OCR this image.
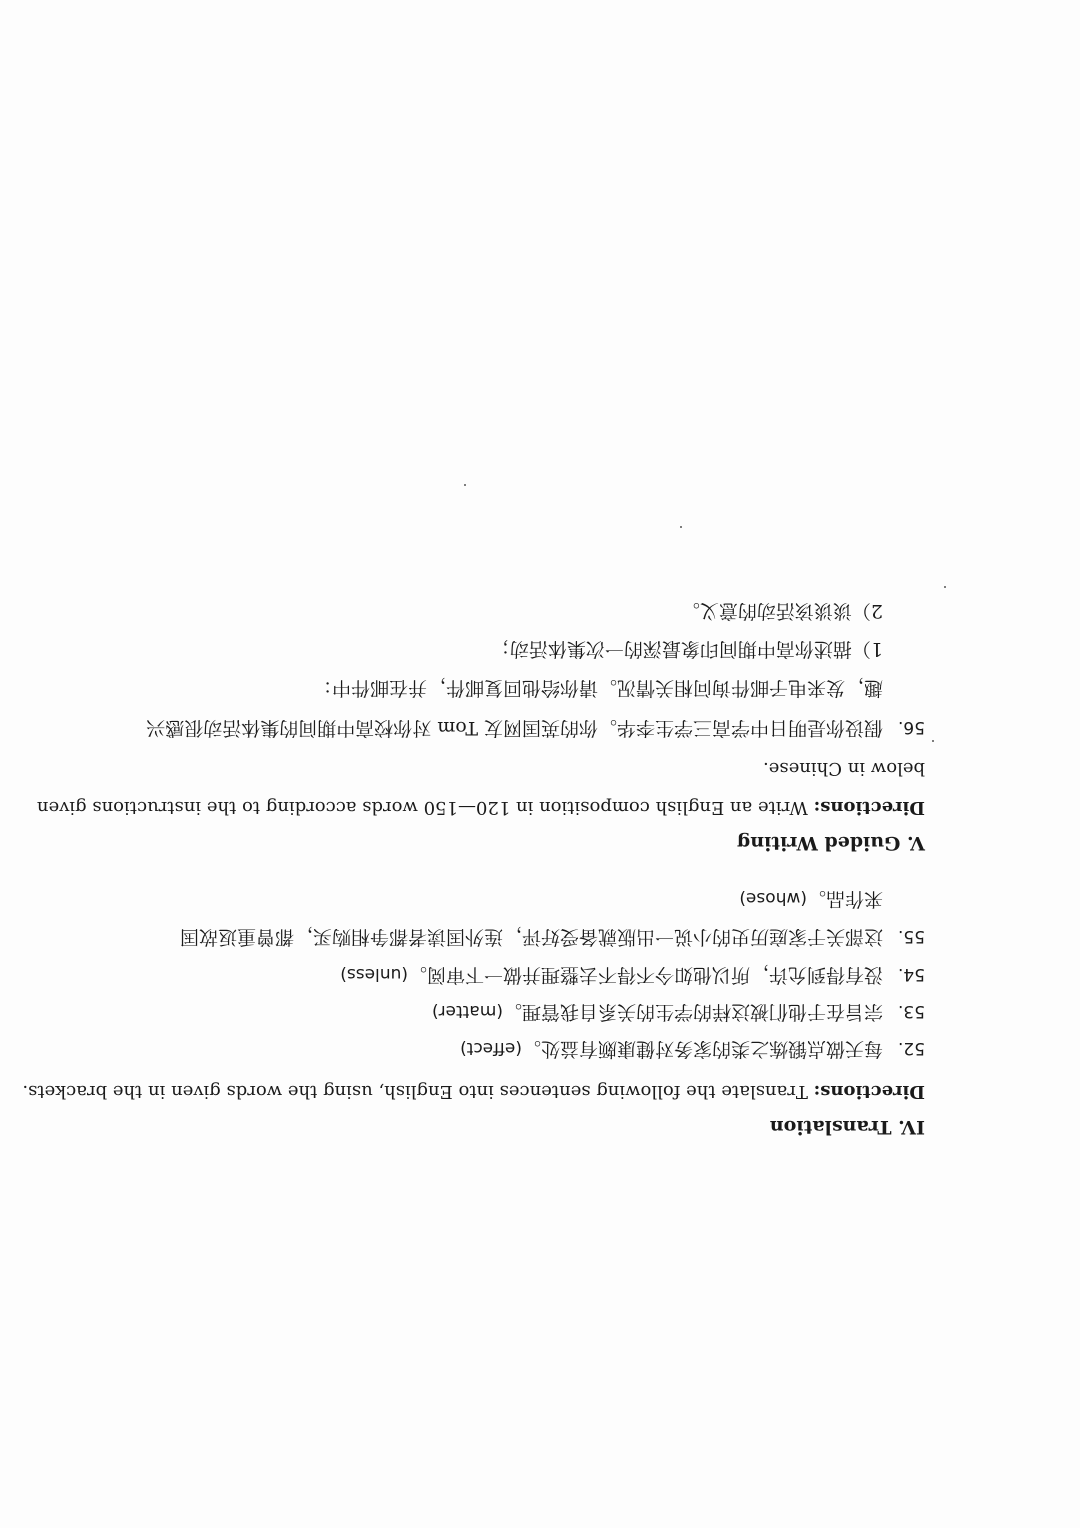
IV. Translation
Directions: Translate the following sentences into English, using the words given in the brackets.
52.每天做点锻炼之类的家务对健康颇有益处。(effect)
53.宗旨在于他们被这样的学生的关系自我管理。(matter)
54.没有得到允许，所以他如今不得不去整理并做一下审阅。(unless)
55.这部关于家庭历史的小说一出版就备受好评，连外国读者都争相购买，都曾重返故国
来作品。(whose)
V. Guided Writing
Directions: Write an English composition in 120—150 words according to the instructions given
below in Chinese.
56.假设你是明日中学高三学生李华。你的英国网友 Tom 对你校高中期间的集体活动很感兴
趣，发来电子邮件询问相关情况。请你给他回复邮件，并在邮件中：
1）描述你高中期间印象最深的一次集体活动；
2）谈谈该活动的意义。
